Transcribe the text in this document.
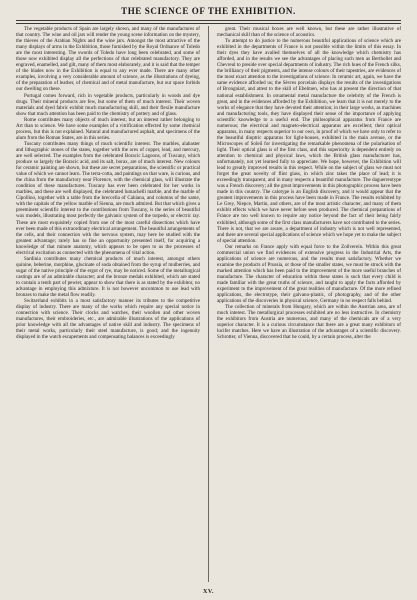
THE SCIENCE OF THE EXHIBITION.

The vegetable products of Spain are largely shown, and many of the manufactures of that country. The wine and oil jars will render the young scene information on the mystery, the thieves of the Arabian Nights and the wine jars. Amongst the most attractive of the many displays of arms in the Exhibition, those furnished by the Royal Ordnance of Toledo are the most interesting. The swords of Toledo have long been celebrated, and some of those now exhibited display all the perfections of that celebrated manufactory. They are engraved, enamelled, and gilt, many of them most elaborately, and it is said that the temper of the blades now in the Exhibition is equal to any ever made. There are many other examples, involving a very considerable amount of science, as the illustrations of dyeing, of the preparation of leather, of chemical and of metal manufacture, but our space forbids our dwelling on these.

Portugal comes forward, rich in vegetable products, particularly in woods and dye drugs. Their mineral products are few, but some of them of much interest. Their woven materials and dyed fabric exhibit much manufacturing skill, and their flexile manufacture show that much attention has been paid to the chemistry of pottery and of glass.

Rome contributes many objects of much interest, but an interest rather belonging to Art than to science. We have some examples of a vitrification effected by some chemical process, but this is not explained. Natural and manufactured asphalt, and specimens of the alum from the Roman States, are in this series.

Tuscany contributes many things of much scientific interest. The marbles, alabaster and lithographic stones of the states, together with the ores of copper, lead, and mercury, are well selected. The examples from the celebrated Boracic Lagoons, of Tuscany, which produce so largely the Boracic acid, and its salt, borax, are of much interest. New colours for ceramic painting are shown, but these are secret preparations, the scientific or practical value of which we cannot learn. The terra-cotta, and paintings on that ware, is curious, and the china from the manufactory near Florence, with the chemical glass, will illustrate the condition of these manufactures. Tuscany has ever been celebrated for her works in marbles, and these are well displayed, the celebrated lumachelli marble, and the marble of Cipollino, together with a table from the breccella of Cahiana, and columns of the same, with the capitals of the yellow marble of Sienna, are much admired. But that which gives a preeminent scientific interest to the contributions from Tuscany, is the series of beautiful wax models, illustrating most perfectly the galvanic system of the torpedo, or electric ray. These are most exquisitely copied from one of the most careful dissections which have ever been made of this extraordinary electrical arrangement. The beautiful arrangements of the cells, and their connection with the nervous system, may here be studied with the greatest advantage; rarely has so fine an opportunity presented itself, for acquiring a knowledge of that minute anatomy, which appears to be open to us the processes of electrical excitation as connected with the phenomena of vital action.

Sardinia contributes many chemical products of much interest, amongst others quinine, beberine, morphine, glucinate of soda obtained from the syrup of mulberries, and sugar of the native principle of the ergot of rye, may be noticed. Some of the metallurgical castings are of an admirable character; and the bronze medals exhibited, which are stated to contain a tenth part of pewter, appear to show that there is as stated by the exhibitor, no advantage in employing this admixture. It is not however uncommon to use lead with bronzes to make the metal flow readily.

Switzerland exhibits in a most satisfactory manner its tributes to the competitive display of industry. There are many of the works which require any special notice in connection with science. Their clocks and watches, their woollen and other woven manufactures, their embroideries, etc., are admirable illustrations of the applications of prior knowledge with all the advantages of native skill and industry. The specimens of their metal works, particularly their steel manufacture, is good; and the ingenuity displayed in the watch escapements and compensating balances is exceedingly

great. Their musical boxes are well known, but these are rather illustrative of mechanical skill than of the science of acoustics.

To attempt to do justice to the numerous beautiful applications of science which are exhibited in the departments of France is not possible within the limits of this essay. In their dyes they have availed themselves of all the knowledge which chemistry has afforded, and in the results we see the advantages of placing such men as Berthollet and Chevreul to preside over special departments of industry. The rich hues of the French silks, the brilliancy of their pigments, and the intense colours of their tapestries, are evidences of the most exact attention to the investigations of science. In ceramic art, again, we have the same evidence afforded us; the Sèvres porcelain displays the results of the investigations of Brongniart, and attest to the skill of Ebelmen, who has at present the direction of that national establishment. In ornamental metal manufacture the celebrity of the French is great, and in the evidences afforded by the Exhibition, we learn that it is not merely to the works of elegance that they have devoted their attention; in their large works, as machines and manufacturing tools, they have displayed their sense of the importance of applying scientific knowledge to a useful end. The philosophical apparatus from France are numerous; the electrical and magneto-electrical apparatus are excellent; their optical apparatus, in many respects superior to our own, in proof of which we have only to refer to the beautiful dioptric apparatus for light-houses, exhibited in the main avenue, or the Microscopes of Soleil for investigating the remarkable phenomena of the polarisation of light. Their optical glass is of the first class, and this superiority is dependent entirely on attention to chemical and physical laws, which the British glass manufacturer has, unfortunately, not yet learned fully to appreciate. We hope, however, the Exhibition will lead to greatly improved results in this respect. While on the subject of glass we must not forget the great novelty of flint glass, in which zinc takes the place of lead; it is exceedingly transparent, and in many respects a beautiful manufacture. The daguerreotype was a French discovery; all the great improvements in this photographic process have been made in this country. The calotype is an English discovery, and it would appear that the greatest improvements in this process have been made in France. The results exhibited by Le Grey, Niepce, Martin, and others, are of the most artistic character, and many of them exhibit effects which we have never before seen produced. The chemical preparations of France are too well known to require any notice beyond the fact of their being fairly exhibited, although some of the first class manufacturers have not contributed to the series. There is not, that we are aware, a department of industry which is not well represented, and there are several special applications of science which we hope yet to make the subject of special attention.

Our remarks on France apply with equal force to the Zollverein. Within this great commercial union we find evidences of extensive progress in the Industrial Arts, the applications of science are numerous, and the results most satisfactory. Whether we examine the products of Prussia, or those of the smaller states, we must be struck with the marked attention which has been paid to the improvement of the more useful branches of manufacture. The character of education within these states is such that every child is made familiar with the great truths of science, and taught to apply the facts afforded by experiment to the improvement of the great realities of manufacture. Of the more refined applications, the electrotype, their galvano-plastic, of photography, and of the other applications of the discoveries in physical science, Germany in no respect falls behind.

The collection of minerals from Hungary, which are within the Austrian area, are of much interest. The metallurgical processes exhibited are no less instructive. In chemistry the exhibitors from Austria are numerous, and many of the chemicals are of a very superior character. It is a curious circumstance that there are a great many exhibitors of lucifer matches. Here we have an illustration of the advantages of a scientific discovery. Schrotter, of Vienna, discovered that he could, by a certain process, alter the

XV.
